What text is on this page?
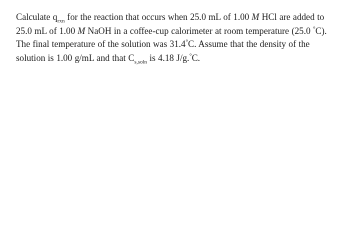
Calculate $q_{rxn}$ for the reaction that occurs when 25.0 mL of 1.00 M HCl are added to 25.0 mL of 1.00 M NaOH in a coffee-cup calorimeter at room temperature (25.0 °C). The final temperature of the solution was 31.4°C. Assume that the density of the solution is 1.00 g/mL and that $C_{s,soln}$ is 4.18 J/g.°C.
